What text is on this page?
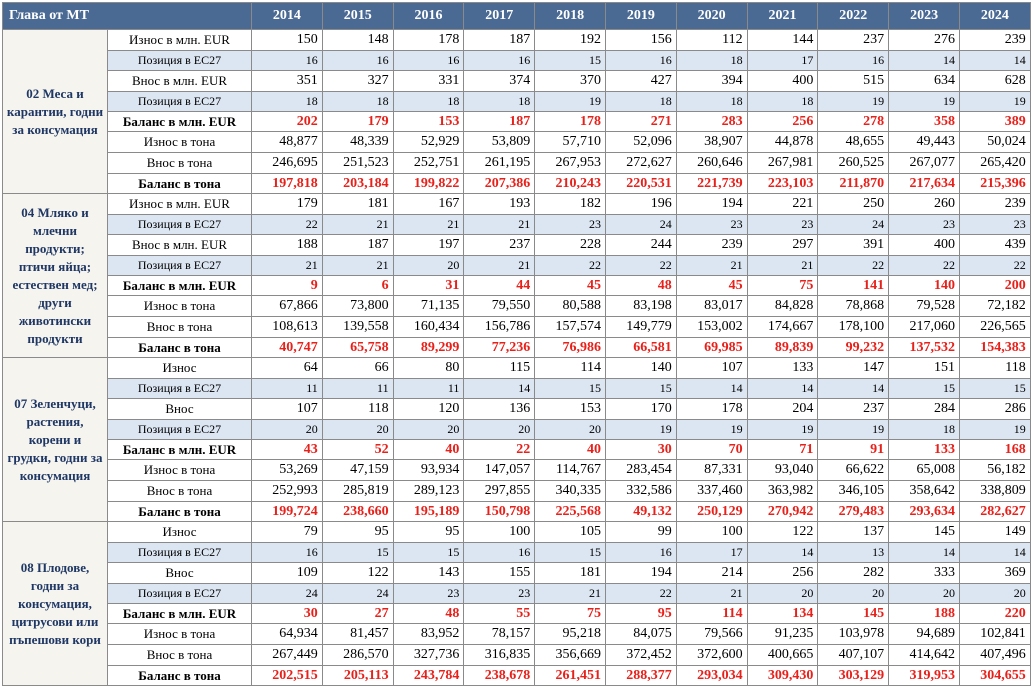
Глава от МТ		2014	2015	2016	2017	2018	2019	2020	2021	2022	2023	2024
02 Меса и карантии, годни за консумация	Износ в млн. EUR	150	148	178	187	192	156	112	144	237	276	239
	Позиция в ЕС27	16	16	16	16	15	16	18	17	16	14	14
	Внос в млн. EUR	351	327	331	374	370	427	394	400	515	634	628
	Позиция в ЕС27	18	18	18	18	19	18	18	18	19	19	19
	Баланс в млн. EUR	202	179	153	187	178	271	283	256	278	358	389
	Износ в тона	48,877	48,339	52,929	53,809	57,710	52,096	38,907	44,878	48,655	49,443	50,024
	Внос в тона	246,695	251,523	252,751	261,195	267,953	272,627	260,646	267,981	260,525	267,077	265,420
	Баланс в тона	197,818	203,184	199,822	207,386	210,243	220,531	221,739	223,103	211,870	217,634	215,396
04 Мляко и млечни продукти; птичи яйца; естествен мед; други животински продукти	Износ в млн. EUR	179	181	167	193	182	196	194	221	250	260	239
	Позиция в ЕС27	22	21	21	21	23	24	23	23	24	23	23
	Внос в млн. EUR	188	187	197	237	228	244	239	297	391	400	439
	Позиция в ЕС27	21	21	20	21	22	22	21	21	22	22	22
	Баланс в млн. EUR	9	6	31	44	45	48	45	75	141	140	200
	Износ в тона	67,866	73,800	71,135	79,550	80,588	83,198	83,017	84,828	78,868	79,528	72,182
	Внос в тона	108,613	139,558	160,434	156,786	157,574	149,779	153,002	174,667	178,100	217,060	226,565
	Баланс в тона	40,747	65,758	89,299	77,236	76,986	66,581	69,985	89,839	99,232	137,532	154,383
07 Зеленчуци, растения, корени и грудки, годни за консумация	Износ	64	66	80	115	114	140	107	133	147	151	118
	Позиция в ЕС27	11	11	11	14	15	15	14	14	14	15	15
	Внос	107	118	120	136	153	170	178	204	237	284	286
	Позиция в ЕС27	20	20	20	20	20	19	19	19	19	18	19
	Баланс в млн. EUR	43	52	40	22	40	30	70	71	91	133	168
	Износ в тона	53,269	47,159	93,934	147,057	114,767	283,454	87,331	93,040	66,622	65,008	56,182
	Внос в тона	252,993	285,819	289,123	297,855	340,335	332,586	337,460	363,982	346,105	358,642	338,809
	Баланс в тона	199,724	238,660	195,189	150,798	225,568	49,132	250,129	270,942	279,483	293,634	282,627
08 Плодове, годни за консумация, цитрусови или пъпешови кори	Износ	79	95	95	100	105	99	100	122	137	145	149
	Позиция в ЕС27	16	15	15	16	15	16	17	14	13	14	14
	Внос	109	122	143	155	181	194	214	256	282	333	369
	Позиция в ЕС27	24	24	23	23	21	22	21	20	20	20	20
	Баланс в млн. EUR	30	27	48	55	75	95	114	134	145	188	220
	Износ в тона	64,934	81,457	83,952	78,157	95,218	84,075	79,566	91,235	103,978	94,689	102,841
	Внос в тона	267,449	286,570	327,736	316,835	356,669	372,452	372,600	400,665	407,107	414,642	407,496
	Баланс в тона	202,515	205,113	243,784	238,678	261,451	288,377	293,034	309,430	303,129	319,953	304,655
